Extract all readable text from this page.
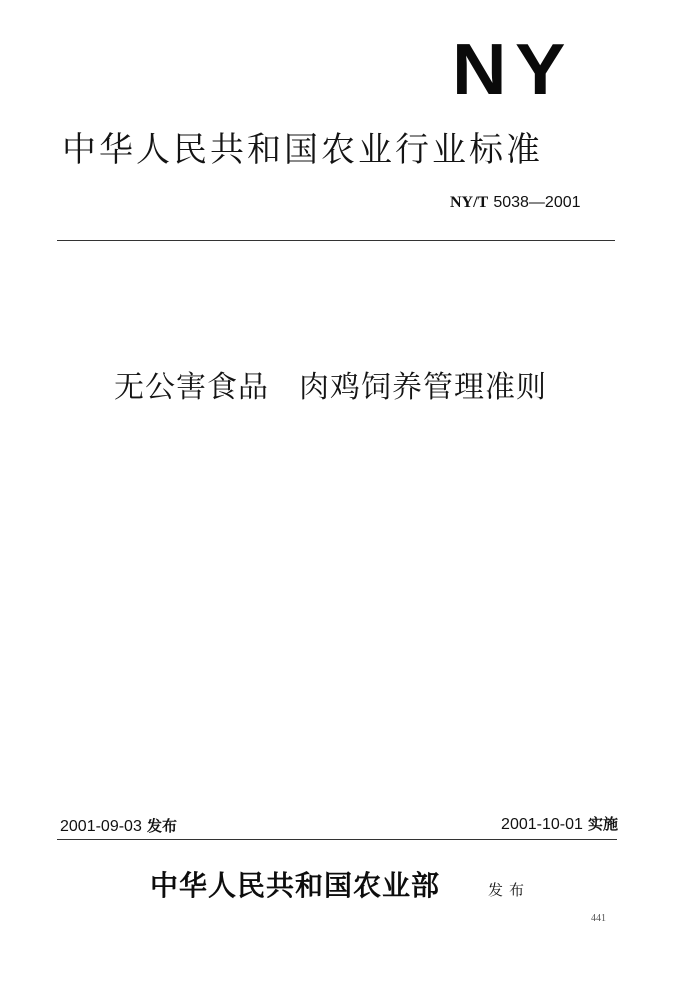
NY
中华人民共和国农业行业标准
NY/T 5038—2001
无公害食品 肉鸡饲养管理准则
2001-09-03 发布	2001-10-01 实施
中华人民共和国农业部	发布
441
